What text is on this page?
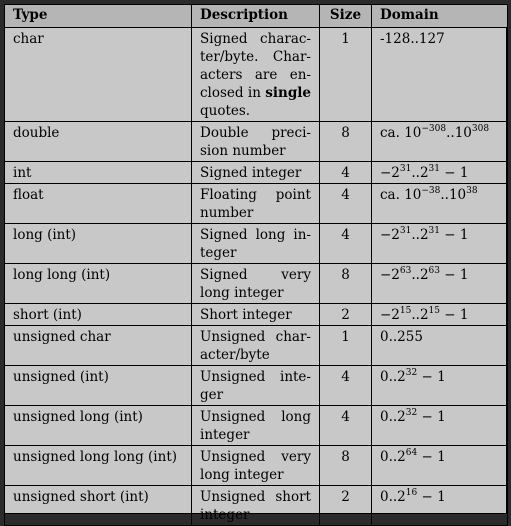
Type	Description	Size	Domain
char	Signed charac-
ter/byte. Char-
acters are en-
closed in single
quotes.	1	-128..127
double	Double preci-
sion number	8	ca. $10^{-308}..10^{308}$
int	Signed integer	4	$-2^{31}..2^{31} - 1$
float	Floating point
number	4	ca. $10^{-38}..10^{38}$
long (int)	Signed long in-
teger	4	$-2^{31}..2^{31} - 1$
long long (int)	Signed very
long integer	8	$-2^{63}..2^{63} - 1$
short (int)	Short integer	2	$-2^{15}..2^{15} - 1$
unsigned char	Unsigned char-
acter/byte	1	0..255
unsigned (int)	Unsigned inte-
ger	4	$0..2^{32} - 1$
unsigned long (int)	Unsigned long
integer	4	$0..2^{32} - 1$
unsigned long long (int)	Unsigned very
long integer	8	$0..2^{64} - 1$
unsigned short (int)	Unsigned short
integer	2	$0..2^{16} - 1$
